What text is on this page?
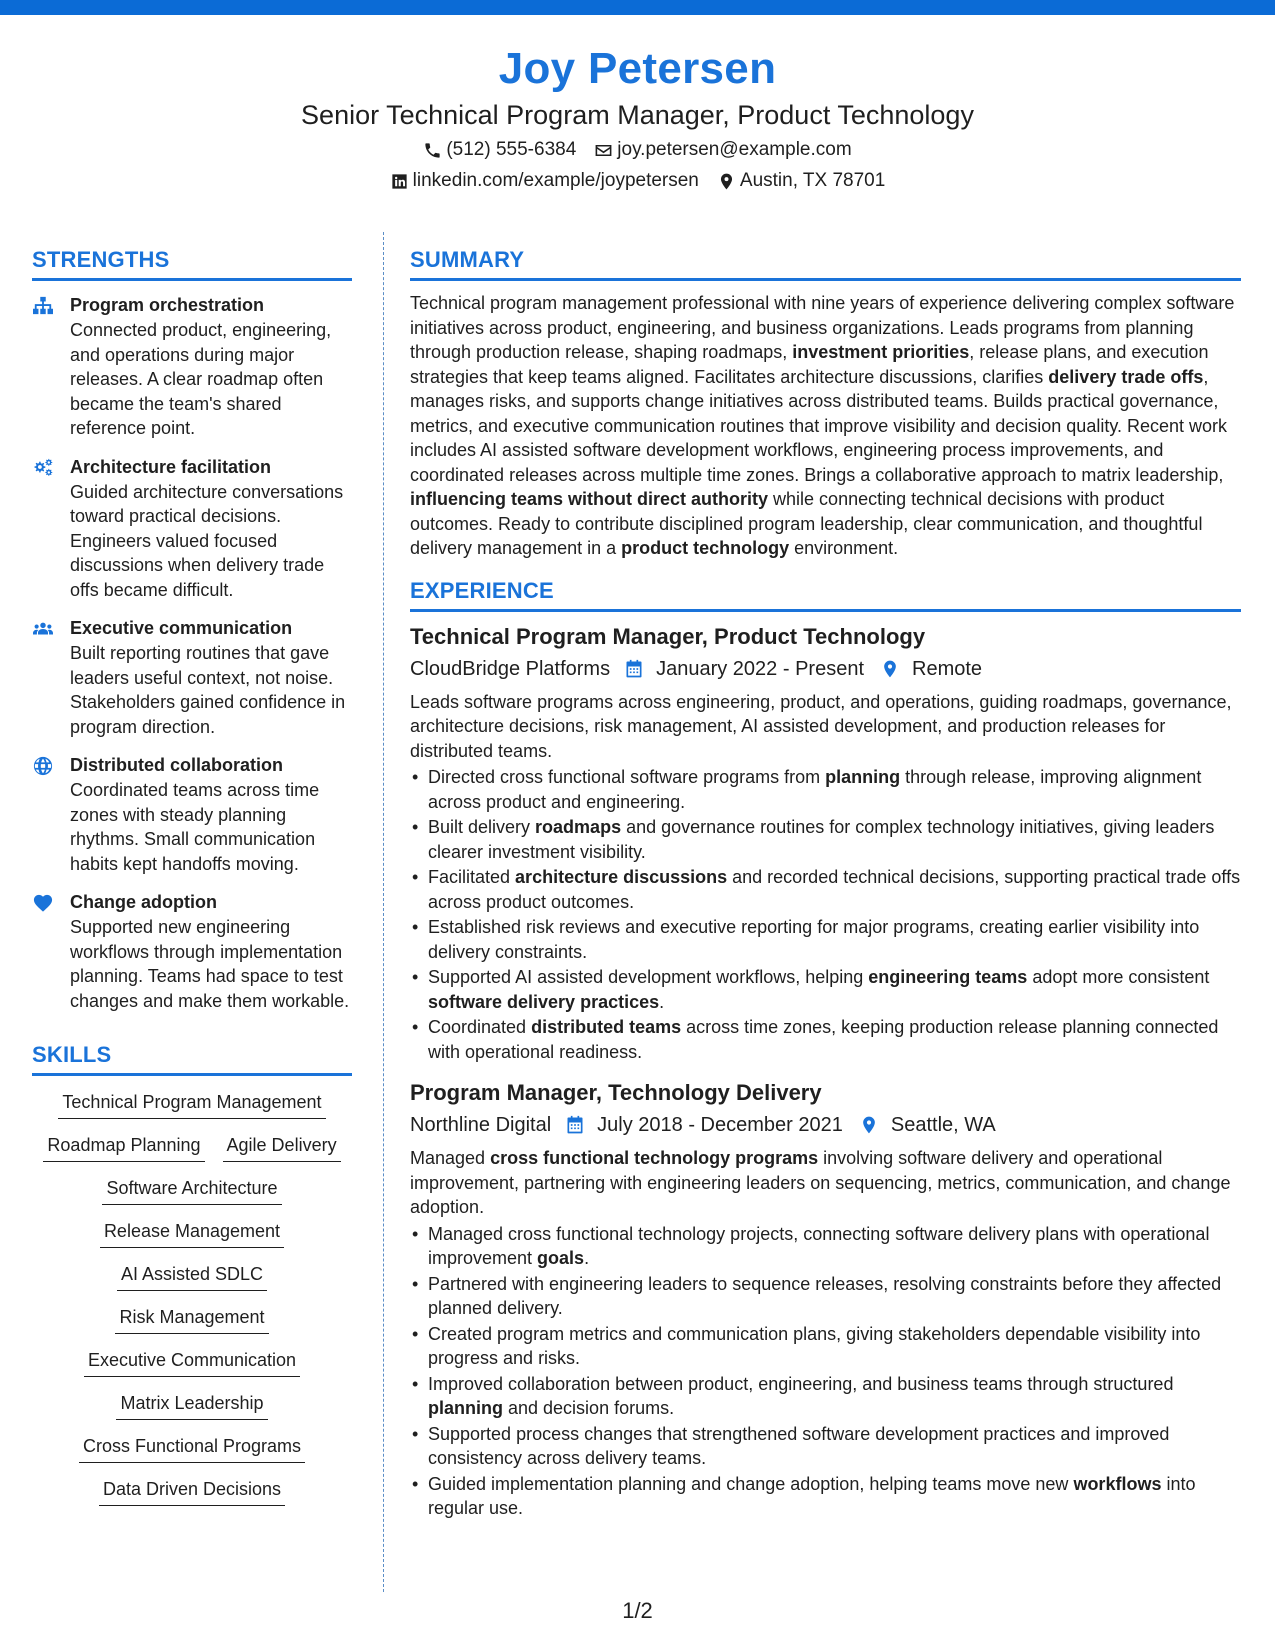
Joy Petersen
Senior Technical Program Manager, Product Technology
(512) 555-6384 joy.petersen@example.com
linkedin.com/example/joypetersen Austin, TX 78701
STRENGTHS
Program orchestration
Connected product, engineering, and operations during major releases. A clear roadmap often became the team's shared reference point.
Architecture facilitation
Guided architecture conversations toward practical decisions. Engineers valued focused discussions when delivery trade offs became difficult.
Executive communication
Built reporting routines that gave leaders useful context, not noise. Stakeholders gained confidence in program direction.
Distributed collaboration
Coordinated teams across time zones with steady planning rhythms. Small communication habits kept handoffs moving.
Change adoption
Supported new engineering workflows through implementation planning. Teams had space to test changes and make them workable.
SKILLS
Technical Program Management
Roadmap Planning Agile Delivery
Software Architecture
Release Management
AI Assisted SDLC
Risk Management
Executive Communication
Matrix Leadership
Cross Functional Programs
Data Driven Decisions
SUMMARY

Technical program management professional with nine years of experience delivering complex software initiatives across product, engineering, and business organizations. Leads programs from planning through production release, shaping roadmaps, investment priorities, release plans, and execution strategies that keep teams aligned. Facilitates architecture discussions, clarifies delivery trade offs, manages risks, and supports change initiatives across distributed teams. Builds practical governance, metrics, and executive communication routines that improve visibility and decision quality. Recent work includes AI assisted software development workflows, engineering process improvements, and coordinated releases across multiple time zones. Brings a collaborative approach to matrix leadership, influencing teams without direct authority while connecting technical decisions with product outcomes. Ready to contribute disciplined program leadership, clear communication, and thoughtful delivery management in a product technology environment.

EXPERIENCE
Technical Program Manager, Product Technology
CloudBridge Platforms January 2022 - Present Remote

Leads software programs across engineering, product, and operations, guiding roadmaps, governance, architecture decisions, risk management, AI assisted development, and production releases for distributed teams.

• Directed cross functional software programs from planning through release, improving alignment across product and engineering.
• Built delivery roadmaps and governance routines for complex technology initiatives, giving leaders clearer investment visibility.
• Facilitated architecture discussions and recorded technical decisions, supporting practical trade offs across product outcomes.
• Established risk reviews and executive reporting for major programs, creating earlier visibility into delivery constraints.
• Supported AI assisted development workflows, helping engineering teams adopt more consistent software delivery practices.
• Coordinated distributed teams across time zones, keeping production release planning connected with operational readiness.
Program Manager, Technology Delivery
Northline Digital July 2018 - December 2021 Seattle, WA

Managed cross functional technology programs involving software delivery and operational improvement, partnering with engineering leaders on sequencing, metrics, communication, and change adoption.

• Managed cross functional technology projects, connecting software delivery plans with operational improvement goals.
• Partnered with engineering leaders to sequence releases, resolving constraints before they affected planned delivery.
• Created program metrics and communication plans, giving stakeholders dependable visibility into progress and risks.
• Improved collaboration between product, engineering, and business teams through structured planning and decision forums.
• Supported process changes that strengthened software development practices and improved consistency across delivery teams.
• Guided implementation planning and change adoption, helping teams move new workflows into regular use.
1/2
